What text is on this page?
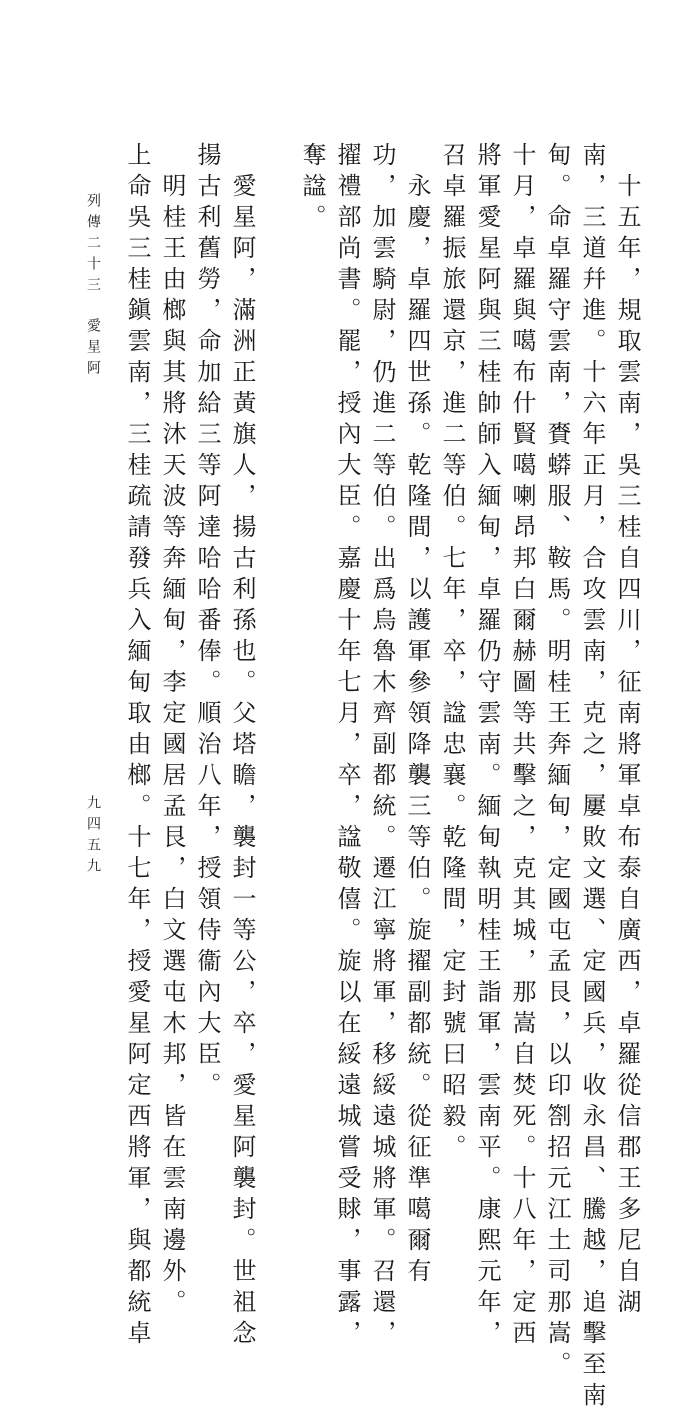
　十五年，規取雲南，吳三桂自四川，征南將軍卓布泰自廣西，卓羅從信郡王多尼自湖
南，三道幷進。十六年正月，合攻雲南，克之，屢敗文選、定國兵，收永昌、騰越，追擊至南
甸。命卓羅守雲南，賚蟒服、鞍馬。明桂王奔緬甸，定國屯孟艮，以印劄招元江土司那嵩。
十月，卓羅與噶布什賢噶喇昂邦白爾赫圖等共擊之，克其城，那嵩自焚死。十八年，定西
將軍愛星阿與三桂帥師入緬甸，卓羅仍守雲南。緬甸執明桂王詣軍，雲南平。康熙元年，
召卓羅振旅還京，進二等伯。七年，卒，諡忠襄。乾隆間，定封號曰昭毅。
　永慶，卓羅四世孫。乾隆間，以護軍參領降襲三等伯。旋擢副都統。從征準噶爾有
功，加雲騎尉，仍進二等伯。出爲烏魯木齊副都統。遷江寧將軍，移綏遠城將軍。召還，
擢禮部尚書。罷，授內大臣。嘉慶十年七月，卒，諡敬僖。旋以在綏遠城嘗受賕，事露，
奪諡。
　愛星阿，滿洲正黃旗人，揚古利孫也。父塔瞻，襲封一等公，卒，愛星阿襲封。世祖念
揚古利舊勞，命加給三等阿達哈哈番俸。順治八年，授領侍衞內大臣。
　明桂王由榔與其將沐天波等奔緬甸，李定國居孟艮，白文選屯木邦，皆在雲南邊外。
上命吳三桂鎭雲南，三桂疏請發兵入緬甸取由榔。十七年，授愛星阿定西將軍，與都統卓
列傳二十三
愛星阿
九四五九
